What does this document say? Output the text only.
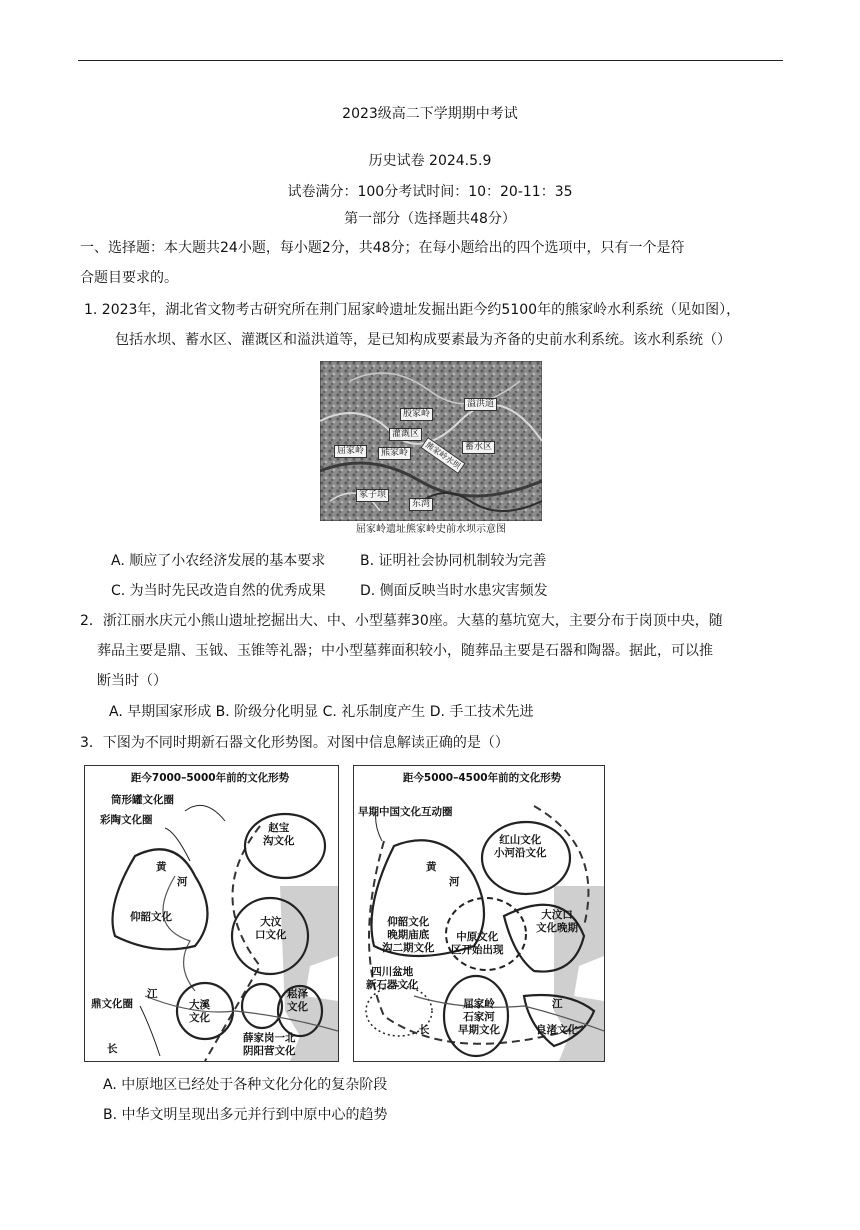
2023级高二下学期期中考试
历史试卷 2024.5.9
试卷满分：100分考试时间：10：20-11：35
第一部分（选择题共48分）
一、选择题：本大题共24小题，每小题2分，共48分；在每小题给出的四个选项中，只有一个是符
合题目要求的。
1. 2023年，湖北省文物考古研究所在荆门屈家岭遗址发掘出距今约5100年的熊家岭水利系统（见如图），
包括水坝、蓄水区、灌溉区和溢洪道等，是已知构成要素最为齐备的史前水利系统。该水利系统（）
溢洪道
殷家岭
灌溉区
蓄水区
屈家岭	熊家岭
冢子坝
东湾
熊家岭水坝
屈家岭遗址熊家岭史前水坝示意图
A. 顺应了小农经济发展的基本要求 B. 证明社会协同机制较为完善
C. 为当时先民改造自然的优秀成果 D. 侧面反映当时水患灾害频发
2．浙江丽水庆元小熊山遗址挖掘出大、中、小型墓葬30座。大墓的墓坑宽大，主要分布于岗顶中央，随
葬品主要是鼎、玉钺、玉锥等礼器；中小型墓葬面积较小，随葬品主要是石器和陶器。据此，可以推
断当时（）
A. 早期国家形成 B. 阶级分化明显 C. 礼乐制度产生 D. 手工技术先进
3．下图为不同时期新石器文化形势图。对图中信息解读正确的是（）
距今7000–5000年前的文化形势
筒形罐文化圈
彩陶文化圈
赵宝
沟文化
黄
河
仰韶文化	大汶
口文化
江
大溪
文化
崧泽
文化
鼎文化圈
长
薛家岗一北
阴阳营文化
距今5000–4500年前的文化形势
早期中国文化互动圈
红山文化
小河沿文化
黄
河
仰韶文化
晚期庙底
沟二期文化
中原文化
区开始出现
大汶口
文化晚期
四川盆地
新石器文化
屈家岭
石家河
早期文化
江
长	良渚文化
A. 中原地区已经处于各种文化分化的复杂阶段
B. 中华文明呈现出多元并行到中原中心的趋势
